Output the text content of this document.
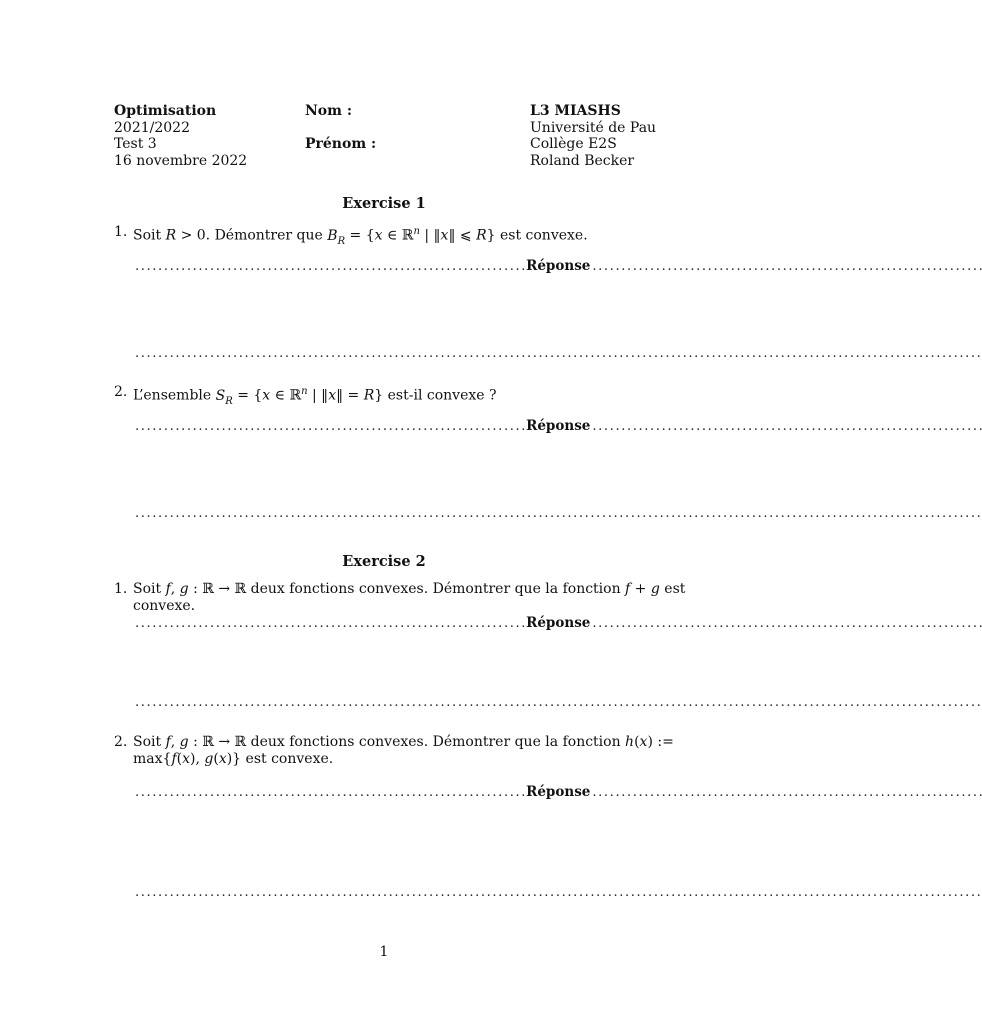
Optimisation
2021/2022
Test 3
16 novembre 2022
Nom :

Prénom :
L3 MIASHS
Université de Pau
Collège E2S
Roland Becker
Exercise 1
1. Soit R > 0. Démontrer que $B_R = \{x$ ∈ ℝ$^n$ | ‖x‖ ⩽ R} est convexe.
. . . . . . . . . . . . . . . . . . . . . . . . . . . . . . . . . . . . . . . . . . . . . . . . . . . . . . . . . . . . . . . . . . . . Réponse . . . . . . . . . . . . . . . . . . . . . . . . . . . . . . . . . . . . . . . . . . . . . . . . . . . . . . . . . . . . . . . . . . . .
. . .
2. L’ensemble $S_R = \{x$ ∈ ℝ$^n$ | ‖x‖ = R} est-il convexe ?
. . . . . . . . . . . . . . . . . . . . . . . . . . . . . . . . . . . . . . . . . . . . . . . . . . . . . . . . . . . . . . . . . . . . Réponse . . . . . . . . . . . . . . . . . . . . . . . . . . . . . . . . . . . . . . . . . . . . . . . . . . . . . . . . . . . . . . . . . . . .
. . .
Exercise 2
1. Soit f, g : ℝ → ℝ deux fonctions convexes. Démontrer que la fonction f + g est convexe.
. . . . . . . . . . . . . . . . . . . . . . . . . . . . . . . . . . . . . . . . . . . . . . . . . . . . . . . . . . . . . . . . . . . . Réponse . . . . . . . . . . . . . . . . . . . . . . . . . . . . . . . . . . . . . . . . . . . . . . . . . . . . . . . . . . . . . . . . . . . .
. . .
2. Soit f, g : ℝ → ℝ deux fonctions convexes. Démontrer que la fonction h(x) := max{f(x), g(x)} est convexe.
. . . . . . . . . . . . . . . . . . . . . . . . . . . . . . . . . . . . . . . . . . . . . . . . . . . . . . . . . . . . . . . . . . . . Réponse . . . . . . . . . . . . . . . . . . . . . . . . . . . . . . . . . . . . . . . . . . . . . . . . . . . . . . . . . . . . . . . . . . . .
. . .
1
